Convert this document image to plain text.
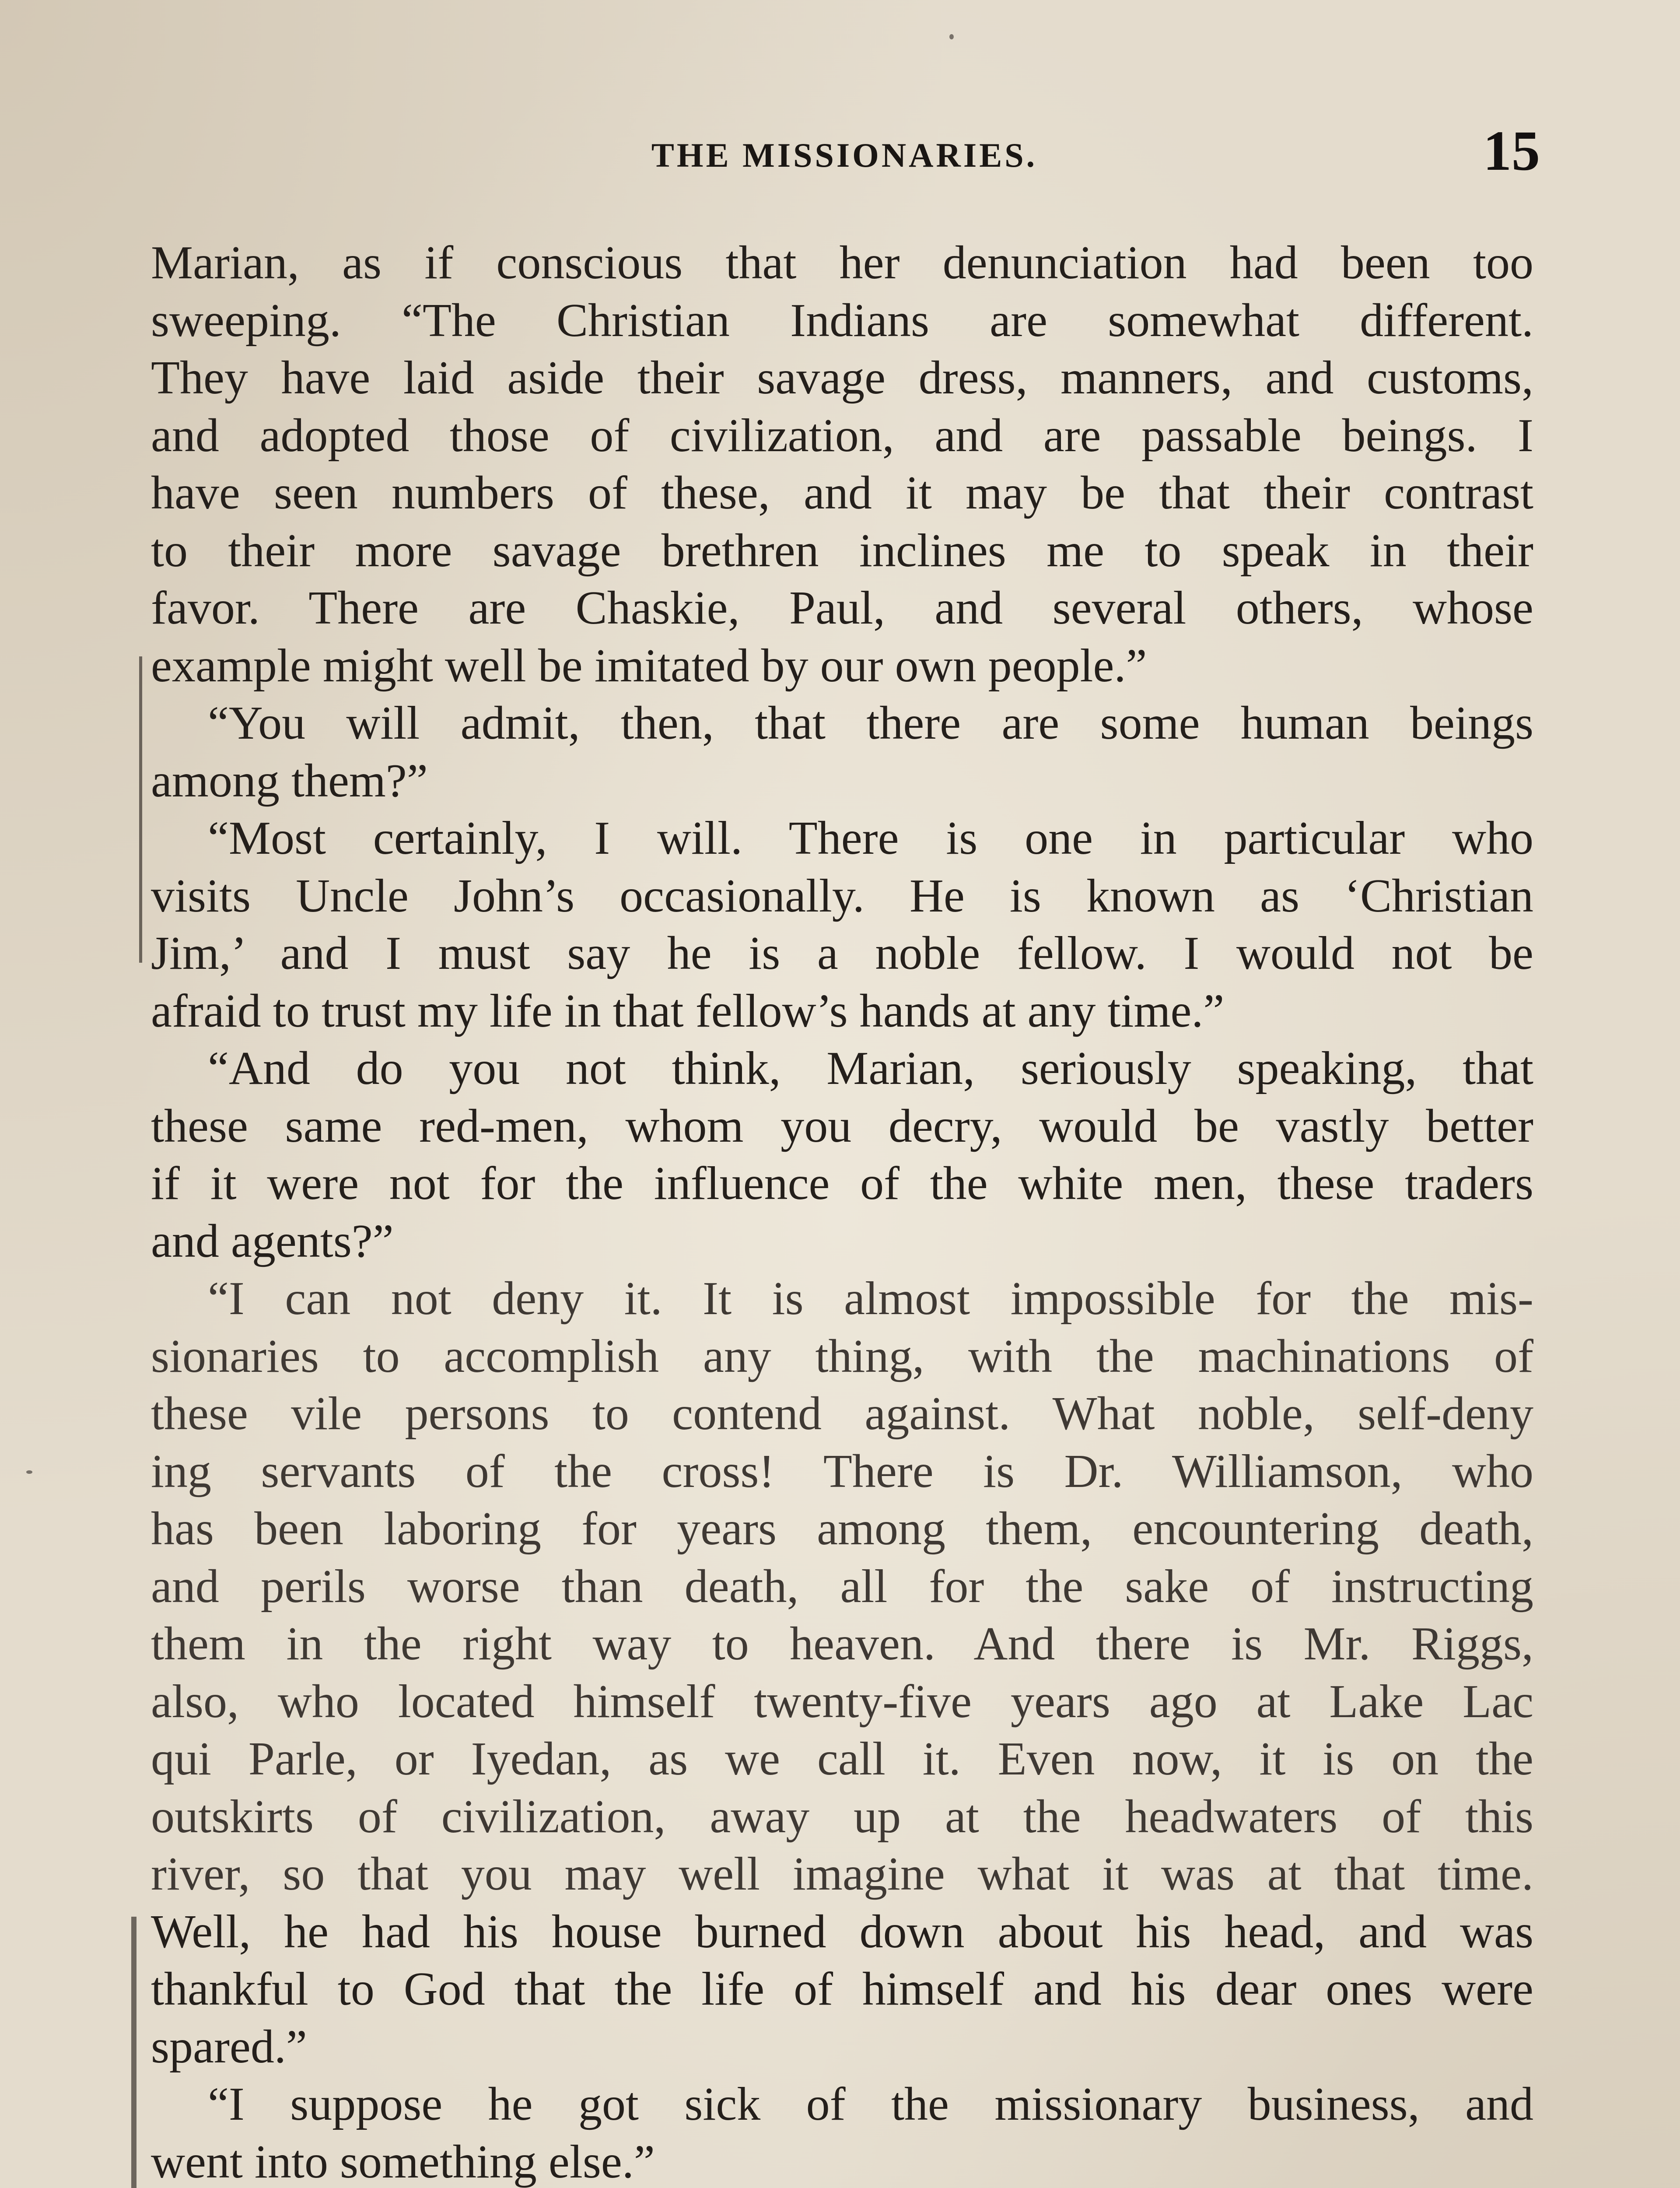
THE MISSIONARIES.	15
Marian, as if conscious that her denunciation had been too
sweeping. “The Christian Indians are somewhat different.
They have laid aside their savage dress, manners, and customs,
and adopted those of civilization, and are passable beings. I
have seen numbers of these, and it may be that their contrast
to their more savage brethren inclines me to speak in their
favor. There are Chaskie, Paul, and several others, whose
example might well be imitated by our own people.”
“You will admit, then, that there are some human beings
among them?”
“Most certainly, I will. There is one in particular who
visits Uncle John’s occasionally. He is known as ‘Christian
Jim,’ and I must say he is a noble fellow. I would not be
afraid to trust my life in that fellow’s hands at any time.”
“And do you not think, Marian, seriously speaking, that
these same red-men, whom you decry, would be vastly better
if it were not for the influence of the white men, these traders
and agents?”
“I can not deny it. It is almost impossible for the mis-
sionaries to accomplish any thing, with the machinations of
these vile persons to contend against. What noble, self-deny
ing servants of the cross! There is Dr. Williamson, who
has been laboring for years among them, encountering death,
and perils worse than death, all for the sake of instructing
them in the right way to heaven. And there is Mr. Riggs,
also, who located himself twenty-five years ago at Lake Lac
qui Parle, or Iyedan, as we call it. Even now, it is on the
outskirts of civilization, away up at the headwaters of this
river, so that you may well imagine what it was at that time.
Well, he had his house burned down about his head, and was
thankful to God that the life of himself and his dear ones were
spared.”
“I suppose he got sick of the missionary business, and
went into something else.”
